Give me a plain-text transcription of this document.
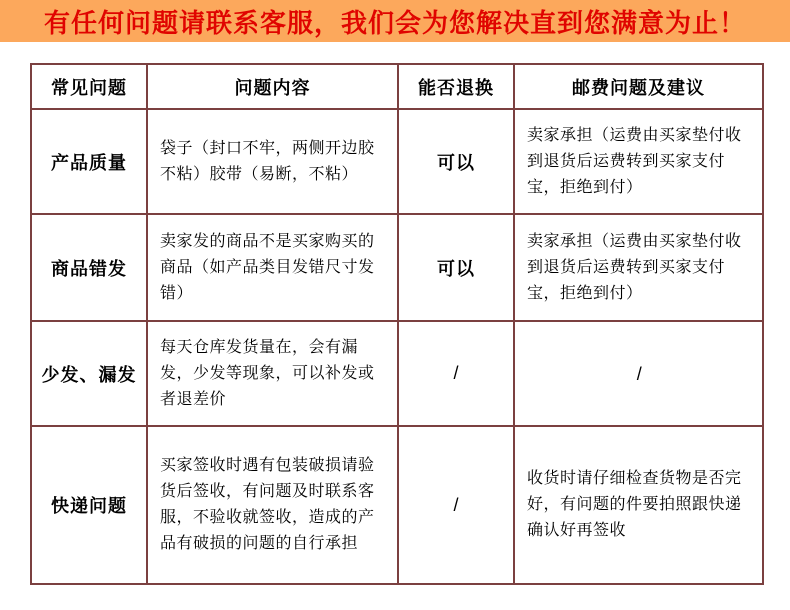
有任何问题请联系客服，我们会为您解决直到您满意为止！
常见问题	问题内容	能否退换	邮费问题及建议
产品质量	袋子（封口不牢，两侧开边胶不粘）胶带（易断，不粘）	可以	卖家承担（运费由买家垫付收到退货后运费转到买家支付宝，拒绝到付）
商品错发	卖家发的商品不是买家购买的商品（如产品类目发错尺寸发错）	可以	卖家承担（运费由买家垫付收到退货后运费转到买家支付宝，拒绝到付）
少发、漏发	每天仓库发货量在，会有漏发，少发等现象，可以补发或者退差价	/	/
快递问题	买家签收时遇有包装破损请验货后签收，有问题及时联系客服，不验收就签收，造成的产品有破损的问题的自行承担	/	收货时请仔细检查货物是否完好，有问题的件要拍照跟快递确认好再签收
